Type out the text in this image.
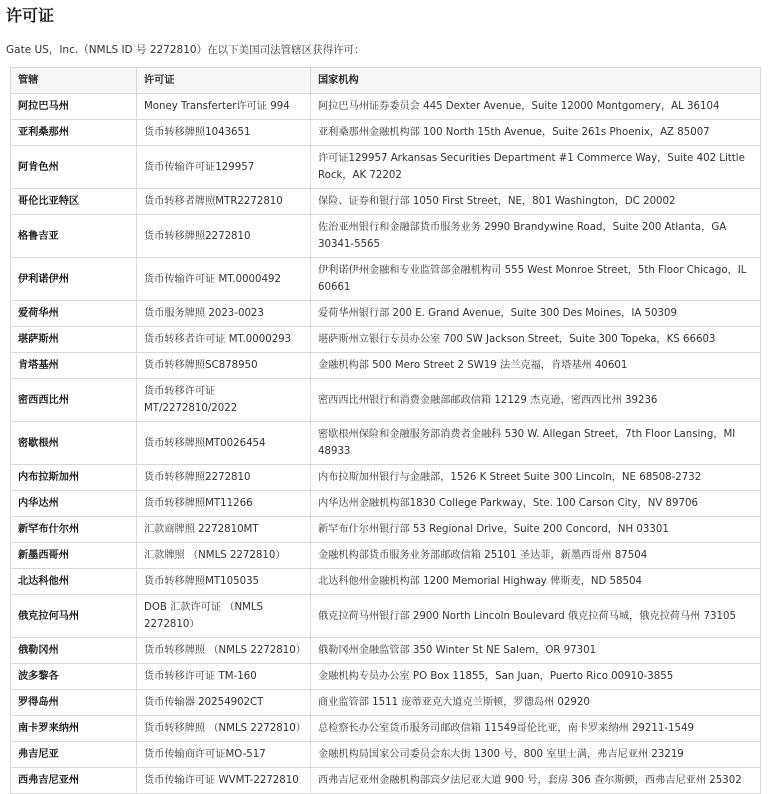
许可证
Gate US，Inc.（NMLS ID 号 2272810）在以下美国司法管辖区获得许可：
管辖	许可证	国家机构
阿拉巴马州	Money Transferter许可证 994	阿拉巴马州证券委员会 445 Dexter Avenue，Suite 12000 Montgomery，AL 36104
亚利桑那州	货币转移牌照1043651	亚利桑那州金融机构部 100 North 15th Avenue，Suite 261s Phoenix，AZ 85007
阿肯色州	货币传输许可证129957	许可证129957 Arkansas Securities Department #1 Commerce Way，Suite 402 Little Rock，AK 72202
哥伦比亚特区	货币转移者牌照MTR2272810	保险、证券和银行部 1050 First Street，NE，801 Washington，DC 20002
格鲁吉亚	货币转移牌照2272810	佐治亚州银行和金融部货币服务业务 2990 Brandywine Road，Suite 200 Atlanta，GA 30341-5565
伊利诺伊州	货币传输许可证 MT.0000492	伊利诺伊州金融和专业监管部金融机构司 555 West Monroe Street，5th Floor Chicago，IL 60661
爱荷华州	货币服务牌照 2023-0023	爱荷华州银行部 200 E. Grand Avenue，Suite 300 Des Moines，IA 50309
堪萨斯州	货币转移者许可证 MT.0000293	堪萨斯州立银行专员办公室 700 SW Jackson Street，Suite 300 Topeka，KS 66603
肯塔基州	货币转移牌照SC878950	金融机构部 500 Mero Street 2 SW19 法兰克福，肯塔基州 40601
密西西比州	货币转移许可证 MT/2272810/2022	密西西比州银行和消费金融部邮政信箱 12129 杰克逊，密西西比州 39236
密歇根州	货币转移牌照MT0026454	密歇根州保险和金融服务部消费者金融科 530 W. Allegan Street，7th Floor Lansing，MI 48933
内布拉斯加州	货币转移牌照2272810	内布拉斯加州银行与金融部，1526 K Street Suite 300 Lincoln，NE 68508-2732
内华达州	货币转移牌照MT11266	内华达州金融机构部1830 College Parkway，Ste. 100 Carson City，NV 89706
新罕布什尔州	汇款商牌照 2272810MT	新罕布什尔州银行部 53 Regional Drive，Suite 200 Concord，NH 03301
新墨西哥州	汇款牌照 （NMLS 2272810）	金融机构部货币服务业务部邮政信箱 25101 圣达菲，新墨西哥州 87504
北达科他州	货币转移牌照MT105035	北达科他州金融机构部 1200 Memorial Highway 俾斯麦，ND 58504
俄克拉何马州	DOB 汇款许可证 （NMLS 2272810）	俄克拉荷马州银行部 2900 North Lincoln Boulevard 俄克拉荷马城，俄克拉荷马州 73105
俄勒冈州	货币转移牌照 （NMLS 2272810）	俄勒冈州金融监管部 350 Winter St NE Salem，OR 97301
波多黎各	货币转移许可证 TM-160	金融机构专员办公室 PO Box 11855，San Juan，Puerto Rico 00910-3855
罗得岛州	货币传输器 20254902CT	商业监管部 1511 庞蒂亚克大道克兰斯顿，罗德岛州 02920
南卡罗来纳州	货币转移牌照 （NMLS 2272810）	总检察长办公室货币服务司邮政信箱 11549哥伦比亚，南卡罗来纳州 29211-1549
弗吉尼亚	货币传输商许可证MO-517	金融机构局国家公司委员会东大街 1300 号，800 室里士满，弗吉尼亚州 23219
西弗吉尼亚州	货币传输许可证 WVMT-2272810	西弗吉尼亚州金融机构部宾夕法尼亚大道 900 号，套房 306 查尔斯顿，西弗吉尼亚州 25302
